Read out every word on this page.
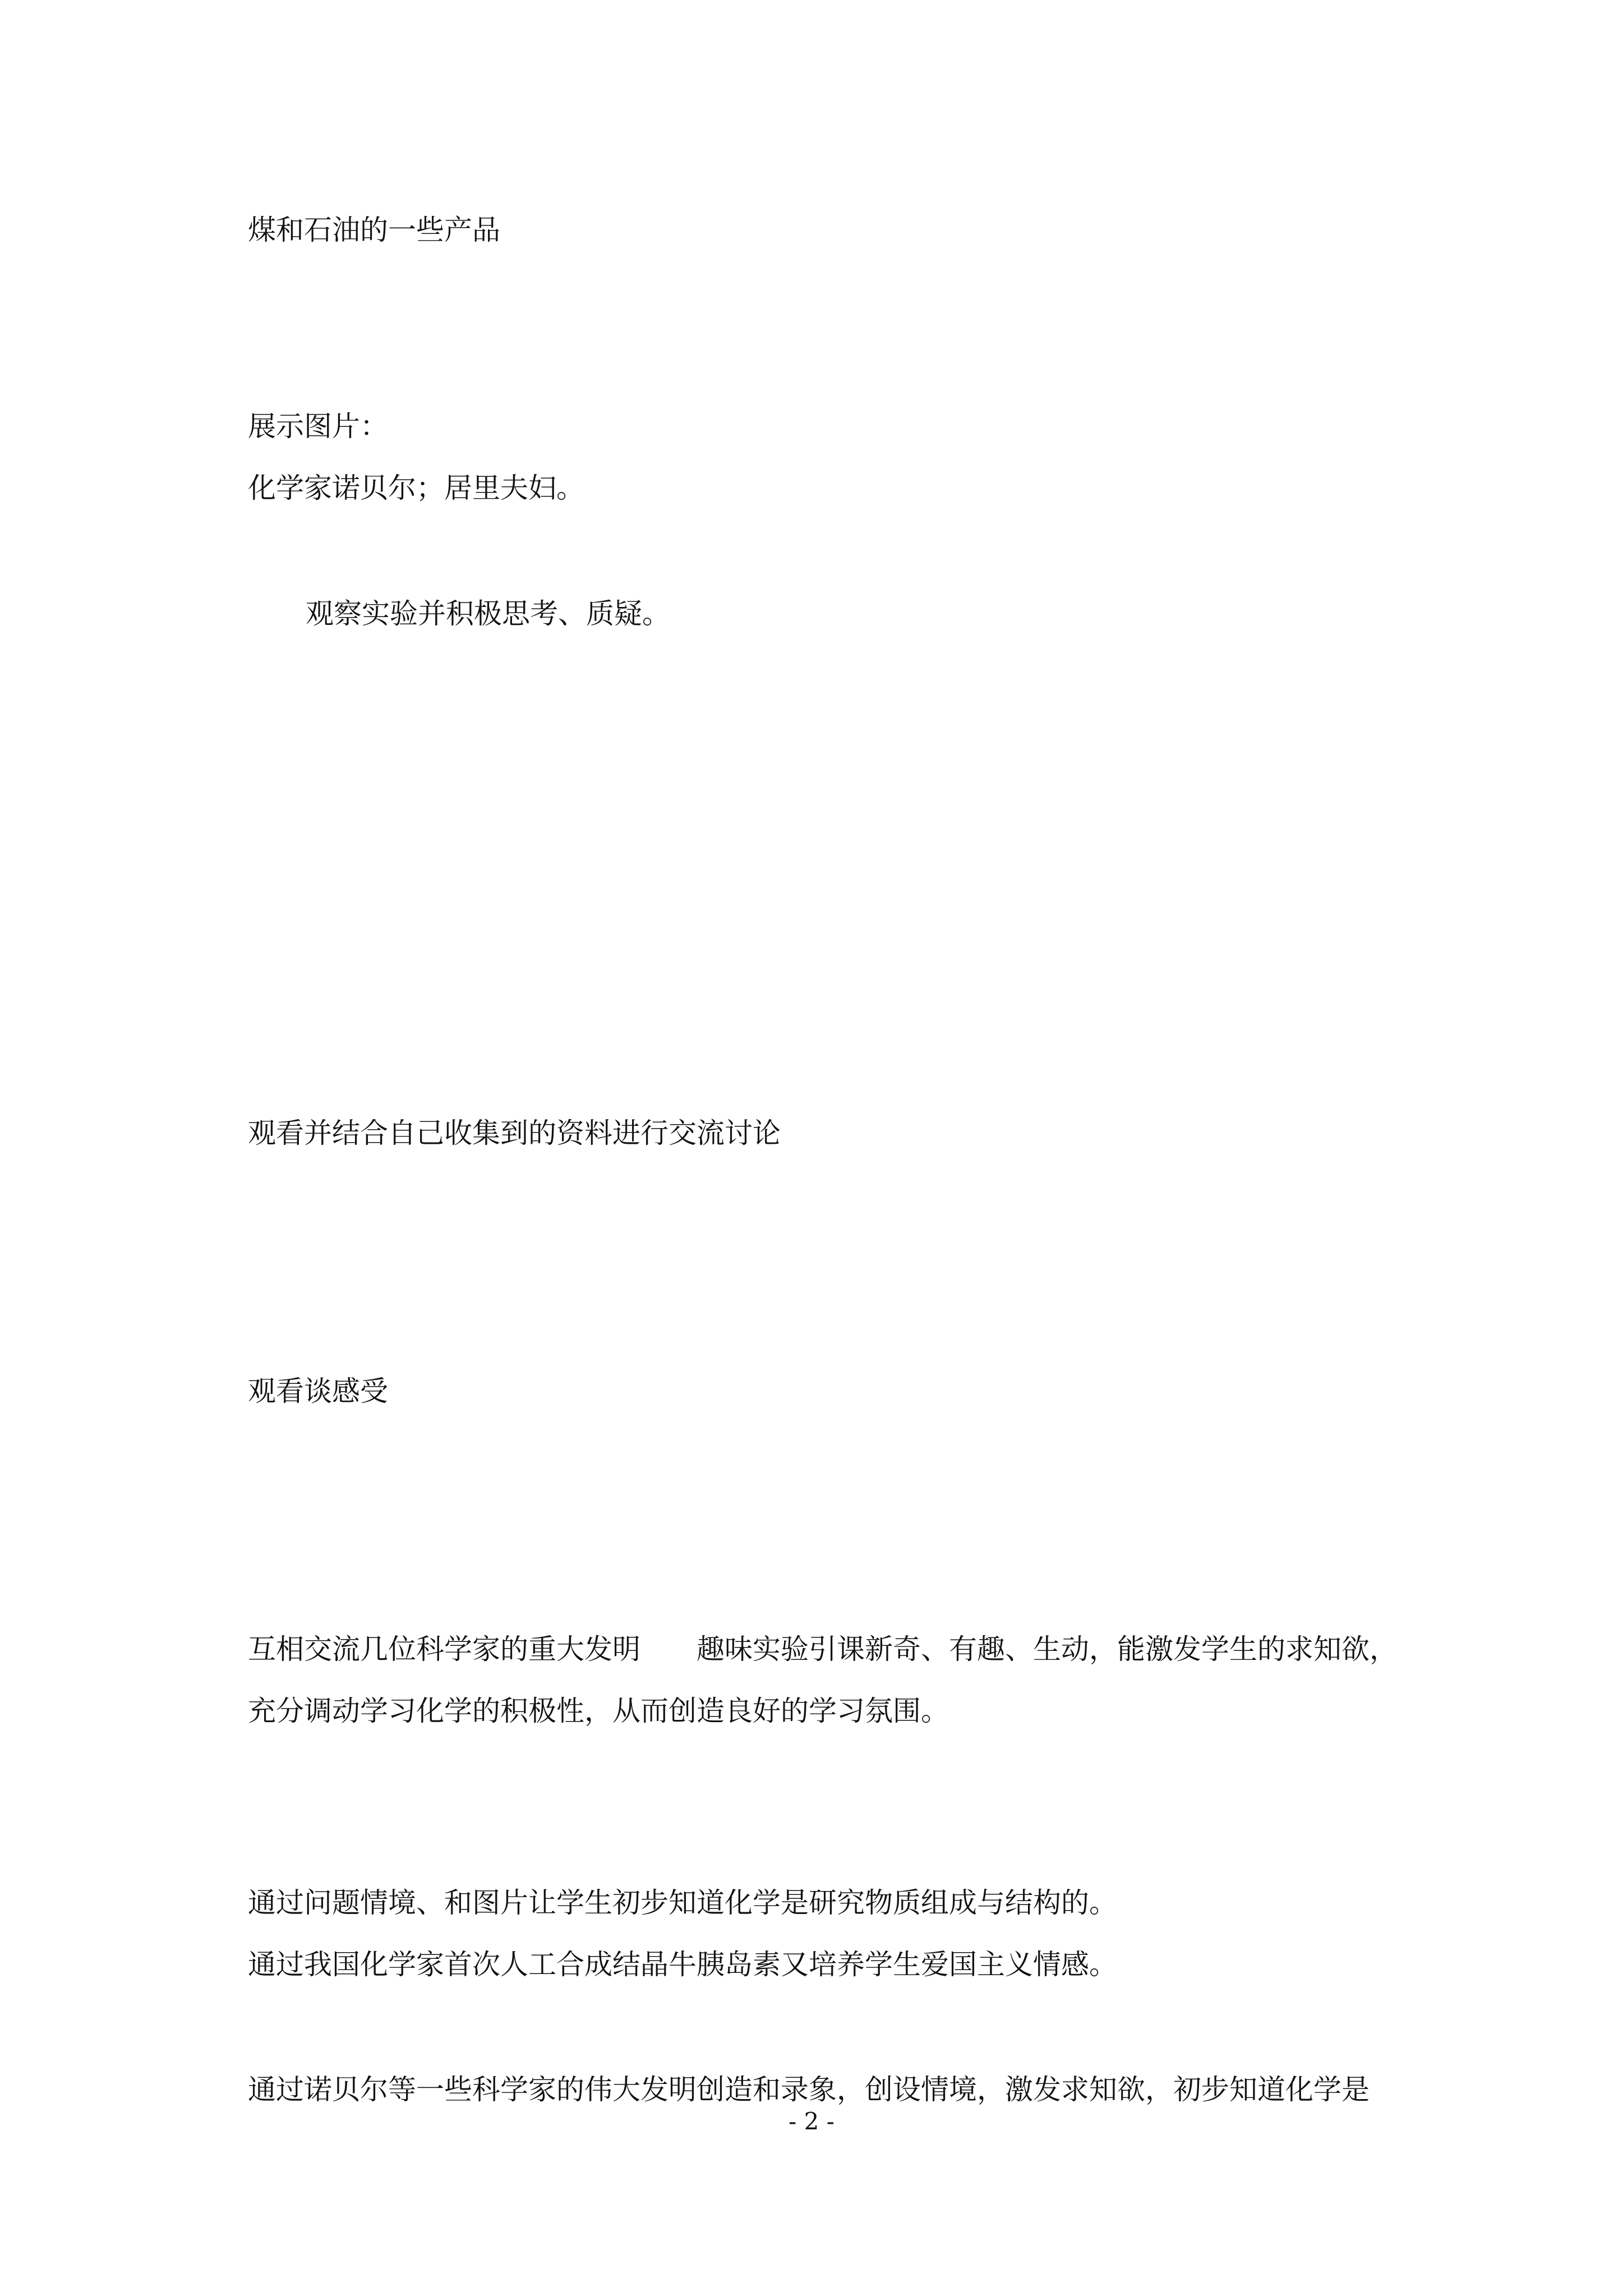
煤和石油的一些产品

展示图片：

化学家诺贝尔；居里夫妇。

观察实验并积极思考、质疑。

观看并结合自己收集到的资料进行交流讨论

观看谈感受

互相交流几位科学家的重大发明　　趣味实验引课新奇、有趣、生动，能激发学生的求知欲，

充分调动学习化学的积极性，从而创造良好的学习氛围。

通过问题情境、和图片让学生初步知道化学是研究物质组成与结构的。

通过我国化学家首次人工合成结晶牛胰岛素又培养学生爱国主义情感。

通过诺贝尔等一些科学家的伟大发明创造和录象，创设情境，激发求知欲，初步知道化学是

- 2 -
